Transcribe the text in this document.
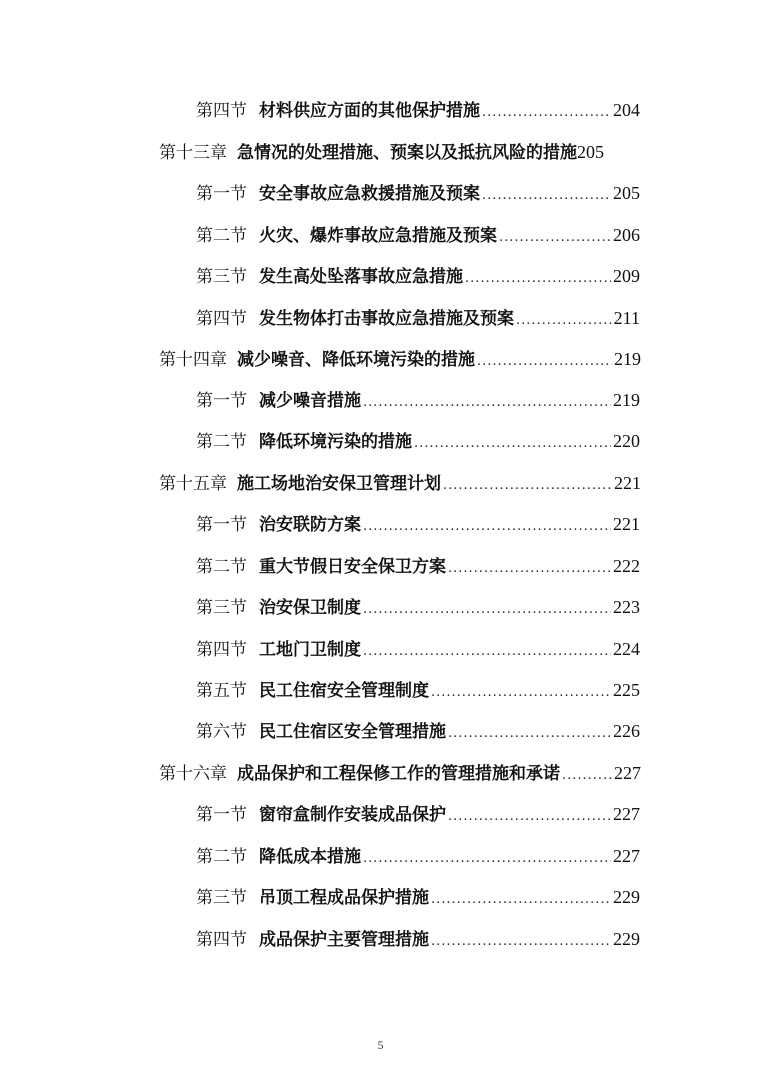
第四节 材料供应方面的其他保护措施 .....	204
第十三章 急情况的处理措施、预案以及抵抗风险的措施 205
第一节 安全事故应急救援措施及预案 .....	205
第二节 火灾、爆炸事故应急措施及预案 .....	206
第三节 发生高处坠落事故应急措施 .....	209
第四节 发生物体打击事故应急措施及预案 .....	211
第十四章 减少噪音、降低环境污染的措施 .....	219
第一节 减少噪音措施 .....	219
第二节 降低环境污染的措施 .....	220
第十五章 施工场地治安保卫管理计划 .....	221
第一节 治安联防方案 .....	221
第二节 重大节假日安全保卫方案 .....	222
第三节 治安保卫制度 .....	223
第四节 工地门卫制度 .....	224
第五节 民工住宿安全管理制度 .....	225
第六节 民工住宿区安全管理措施 .....	226
第十六章 成品保护和工程保修工作的管理措施和承诺 .....	227
第一节 窗帘盒制作安装成品保护 .....	227
第二节 降低成本措施 .....	227
第三节 吊顶工程成品保护措施 .....	229
第四节 成品保护主要管理措施 .....	229
5
